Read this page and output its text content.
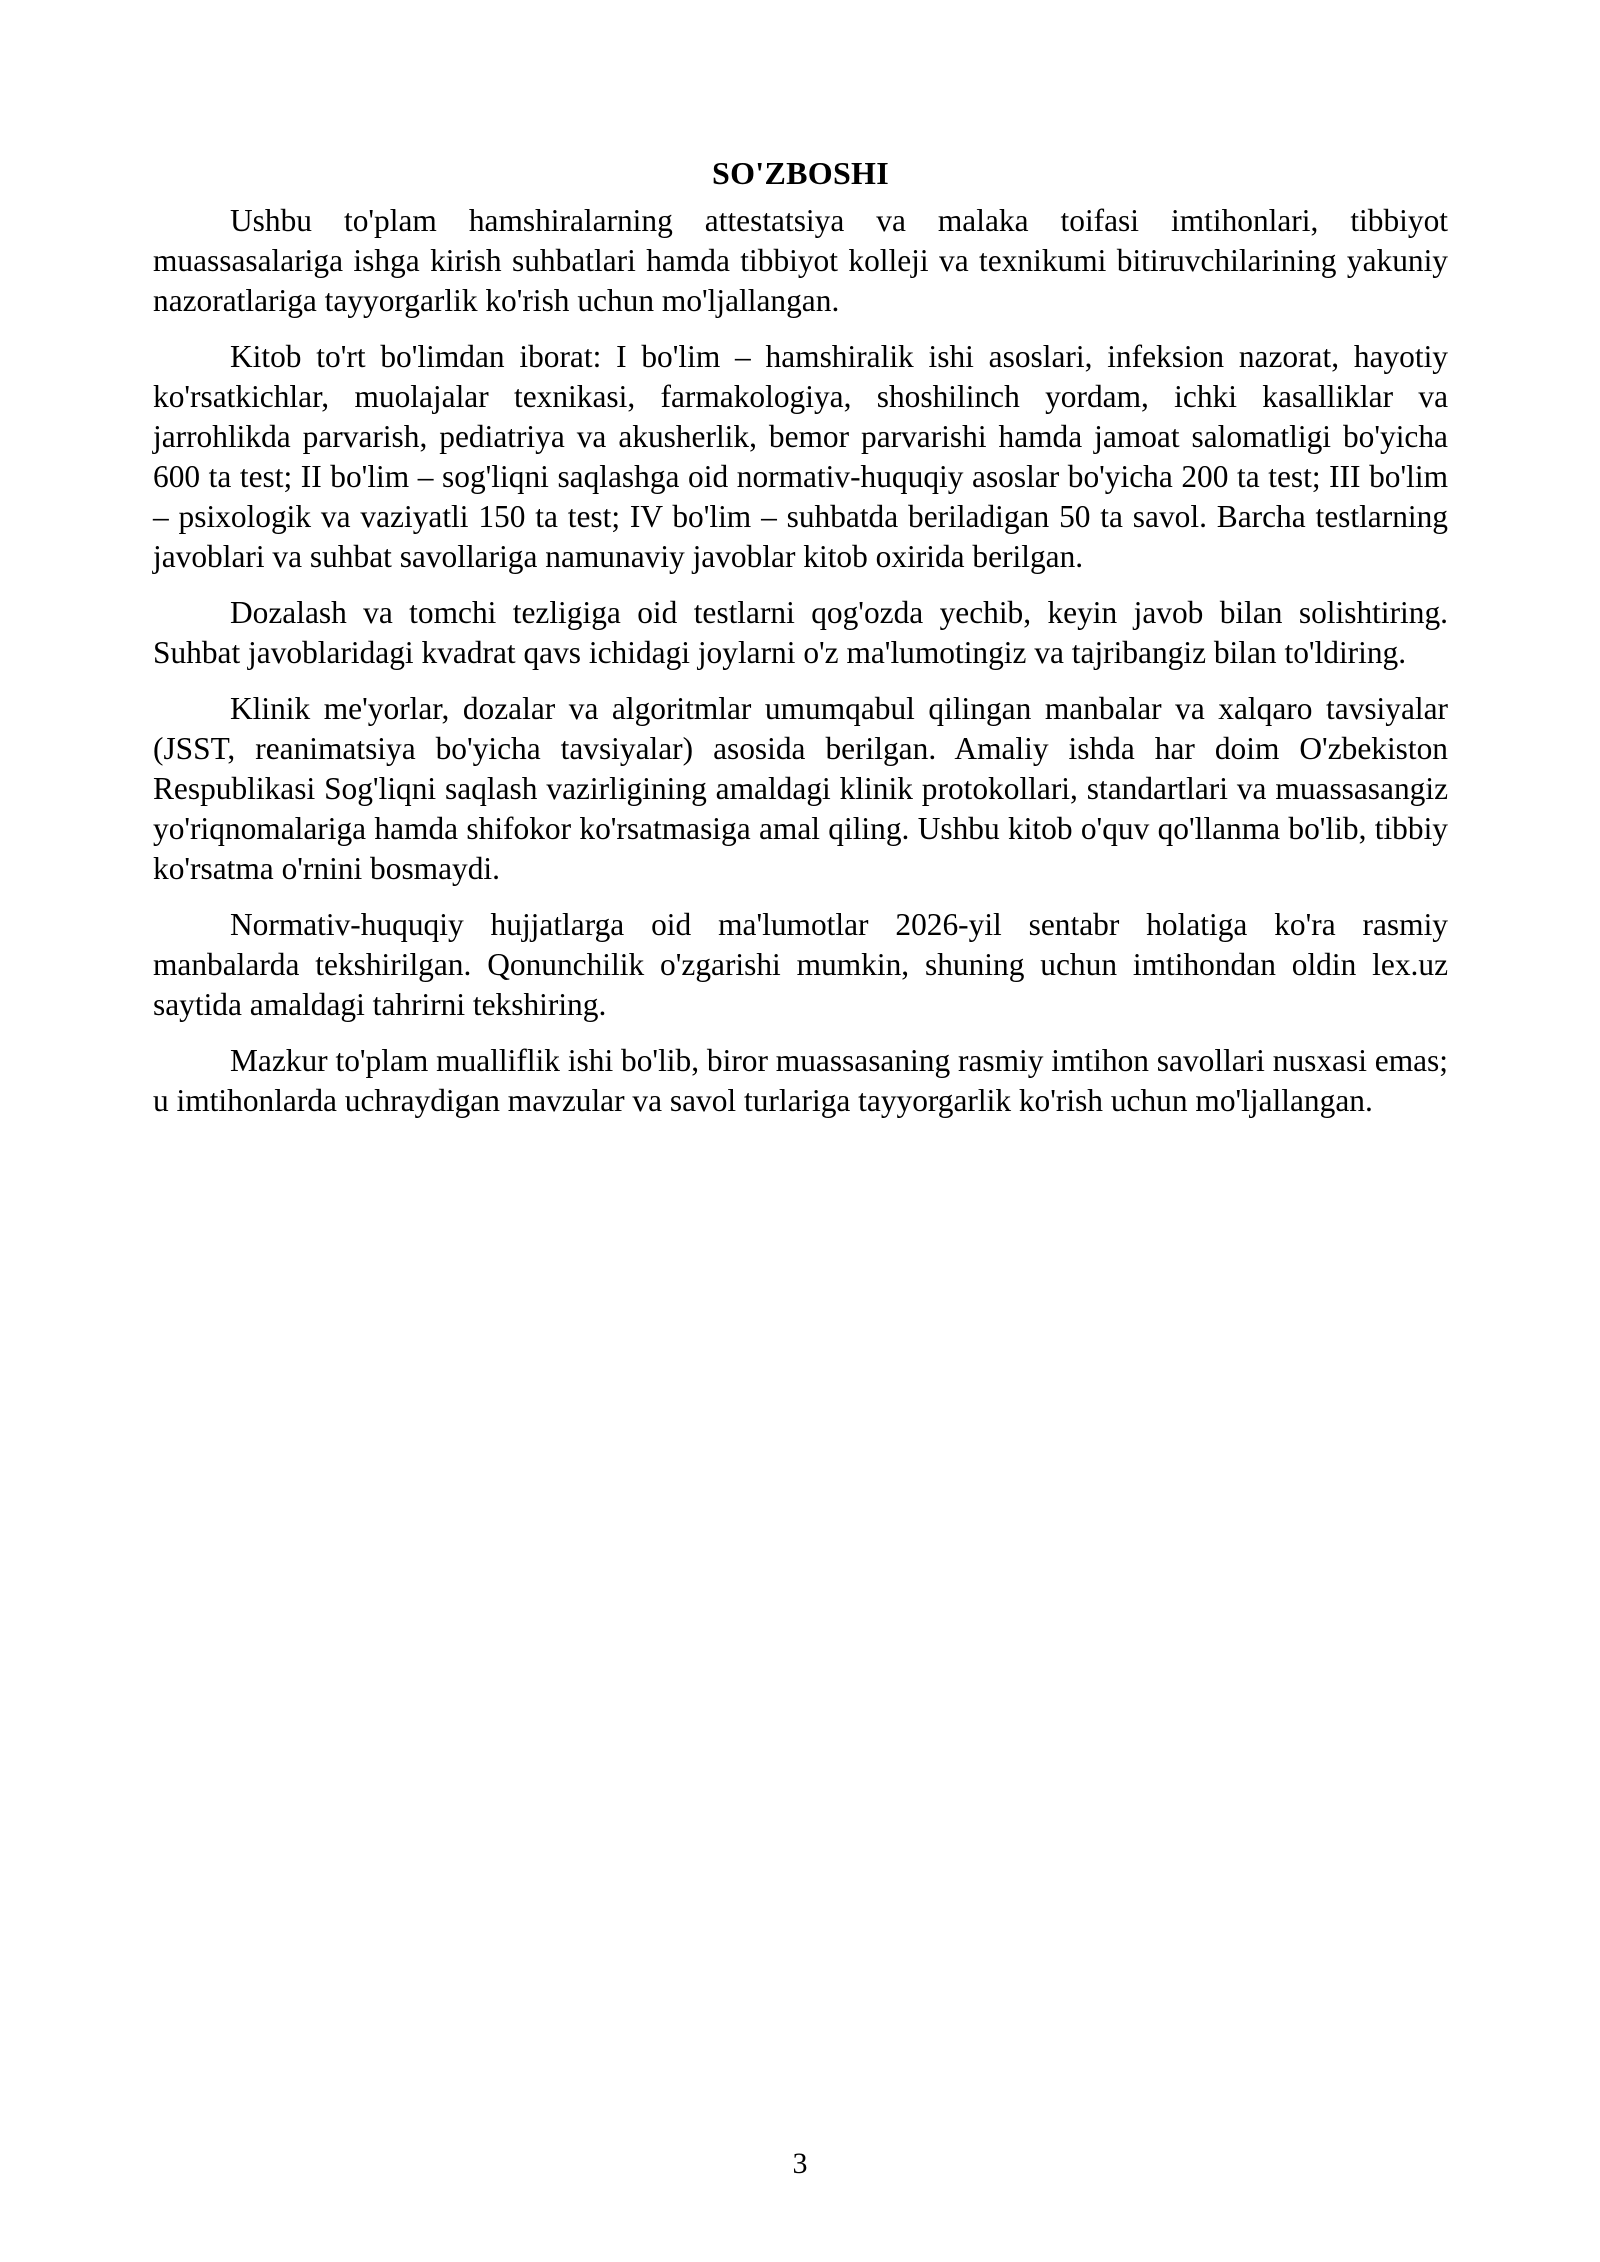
SO'ZBOSHI

Ushbu to'plam hamshiralarning attestatsiya va malaka toifasi imtihonlari, tibbiyot muassasalariga ishga kirish suhbatlari hamda tibbiyot kolleji va texnikumi bitiruvchilarining yakuniy nazoratlariga tayyorgarlik ko'rish uchun mo'ljallangan.

Kitob to'rt bo'limdan iborat: I bo'lim – hamshiralik ishi asoslari, infeksion nazorat, hayotiy ko'rsatkichlar, muolajalar texnikasi, farmakologiya, shoshilinch yordam, ichki kasalliklar va jarrohlikda parvarish, pediatriya va akusherlik, bemor parvarishi hamda jamoat salomatligi bo'yicha 600 ta test; II bo'lim – sog'liqni saqlashga oid normativ-huquqiy asoslar bo'yicha 200 ta test; III bo'lim – psixologik va vaziyatli 150 ta test; IV bo'lim – suhbatda beriladigan 50 ta savol. Barcha testlarning javoblari va suhbat savollariga namunaviy javoblar kitob oxirida berilgan.

Dozalash va tomchi tezligiga oid testlarni qog'ozda yechib, keyin javob bilan solishtiring. Suhbat javoblaridagi kvadrat qavs ichidagi joylarni o'z ma'lumotingiz va tajribangiz bilan to'ldiring.

Klinik me'yorlar, dozalar va algoritmlar umumqabul qilingan manbalar va xalqaro tavsiyalar (JSST, reanimatsiya bo'yicha tavsiyalar) asosida berilgan. Amaliy ishda har doim O'zbekiston Respublikasi Sog'liqni saqlash vazirligining amaldagi klinik protokollari, standartlari va muassasangiz yo'riqnomalariga hamda shifokor ko'rsatmasiga amal qiling. Ushbu kitob o'quv qo'llanma bo'lib, tibbiy ko'rsatma o'rnini bosmaydi.

Normativ-huquqiy hujjatlarga oid ma'lumotlar 2026-yil sentabr holatiga ko'ra rasmiy manbalarda tekshirilgan. Qonunchilik o'zgarishi mumkin, shuning uchun imtihondan oldin lex.uz saytida amaldagi tahrirni tekshiring.

Mazkur to'plam mualliflik ishi bo'lib, biror muassasaning rasmiy imtihon savollari nusxasi emas; u imtihonlarda uchraydigan mavzular va savol turlariga tayyorgarlik ko'rish uchun mo'ljallangan.

3
